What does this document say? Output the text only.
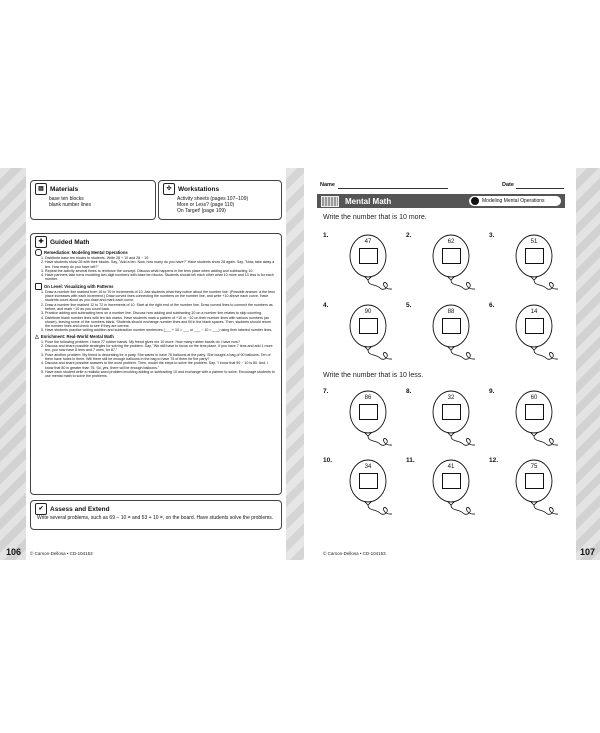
▤ Materials
base ten blocks
blank number lines
✣ Workstations
Activity sheets (pages 107–109)
More or Less? (page 110)
On Target! (page 109)
✚ Guided Math
Remediation: Modeling Mental Operations
1. Distribute base ten blocks to students. Write 28 + 10 and 28 − 10.
2. Have students show 28 with their blocks. Say, "Add a ten. Now, how many do you have?" Have students show 28 again. Say, "Now, take away a ten. How many do you have left?"
3. Repeat the activity several times to reinforce the concept. Discuss what happens in the tens place when adding and subtracting 10.
4. Have partners take turns modeling two-digit numbers with base ten blocks. Students should tell each other what 10 more and 10 less is for each number.
On Level: Visualizing with Patterns
1. Draw a number line marked from 16 to 76 in increments of 10. Ask students what they notice about the number line. (Possible answer: a the tens place increases with each increment.) Draw curved lines connecting the numbers on the number line, and write +10 above each curve. Have students count aloud as you draw and mark each curve.
2. Draw a number line marked 12 to 72 in increments of 10. Start at the right end of the number line. Draw curved lines to connect the numbers as before, and mark −10 as you count back.
3. Practice adding and subtracting tens on a number line. Discuss how adding and subtracting 10 on a number line relates to skip counting.
4. Distribute blank number lines with ten tick marks. Have students mark a pattern of +10 or −10 on their number lines with various numbers (as shown), leaving some of the numbers blank. Students should exchange number lines and fill in the blank spaces. Then, students should return the number lines and check to see if they are correct.
5. Have students practice writing addition and subtraction number sentences (___ + 10 = ___ or ___ − 10 = ___) using their labeled number lines.
△ Enrichment: Real-World Mental Math
1. Pose the following problem: I have 77 rubber bands. My friend gives me 10 more. How many rubber bands do I have now?
2. Discuss and share possible strategies for solving the problem. Say, "We still have to focus on the tens place. If you have 7 tens and add 1 more ten, you now have 8 tens and 7 ones, for 87."
3. Pose another problem: My friend is decorating for a party. She wants to have 75 balloons at the party. She bought a bag of 90 balloons. Ten of them have holes in them. Will there still be enough balloons in the bag to have 75 of them for the party?
4. Discuss and share possible answers to the word problem. Then, model the steps to solve the problem. Say, "I know that 90 − 10 is 80. And, I know that 80 is greater than 75. So, yes, there will be enough balloons."
5. Have each student write a realistic word problem involving adding or subtracting 10 and exchange with a partner to solve. Encourage students to use mental math to solve the problems.
✔ Assess and Extend
Write several problems, such as 69 − 10 = and 53 + 10 =, on the board. Have students solve the problems.
106 © Carson-Dellosa • CD-104153
Name	Date
Mental Math	Modeling Mental Operations
Write the number that is 10 more.
Write the number that is 10 less.
1.
47
2.
62
3.
51
4.
90
5.
88
6.
14
7.
86
8.
32
9.
60
10.
34
11.
41
12.
75
107
© Carson-Dellosa • CD-104153
